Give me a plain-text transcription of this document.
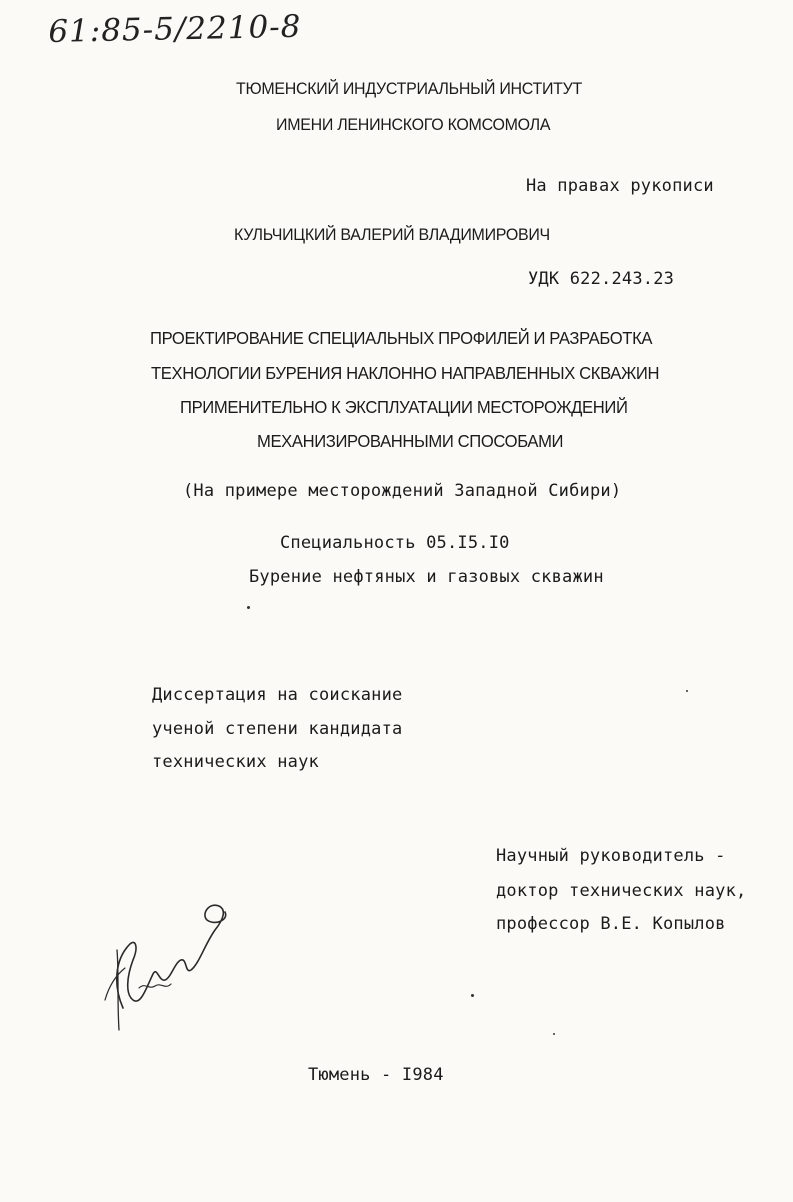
61:85-5/2210-8
ТЮМЕНСКИЙ ИНДУСТРИАЛЬНЫЙ ИНСТИТУТ
ИМЕНИ ЛЕНИНСКОГО КОМСОМОЛА
На правах рукописи
КУЛЬЧИЦКИЙ ВАЛЕРИЙ ВЛАДИМИРОВИЧ
УДК 622.243.23
ПРОЕКТИРОВАНИЕ СПЕЦИАЛЬНЫХ ПРОФИЛЕЙ И РАЗРАБОТКА
ТЕХНОЛОГИИ БУРЕНИЯ НАКЛОННО НАПРАВЛЕННЫХ СКВАЖИН
ПРИМЕНИТЕЛЬНО К ЭКСПЛУАТАЦИИ МЕСТОРОЖДЕНИЙ
МЕХАНИЗИРОВАННЫМИ СПОСОБАМИ
(На примере месторождений Западной Сибири)
Специальность 05.I5.I0
Бурение нефтяных и газовых скважин
Диссертация на соискание
ученой степени кандидата
технических наук
Научный руководитель -
доктор технических наук,
профессор В.Е. Копылов
Тюмень - I984
